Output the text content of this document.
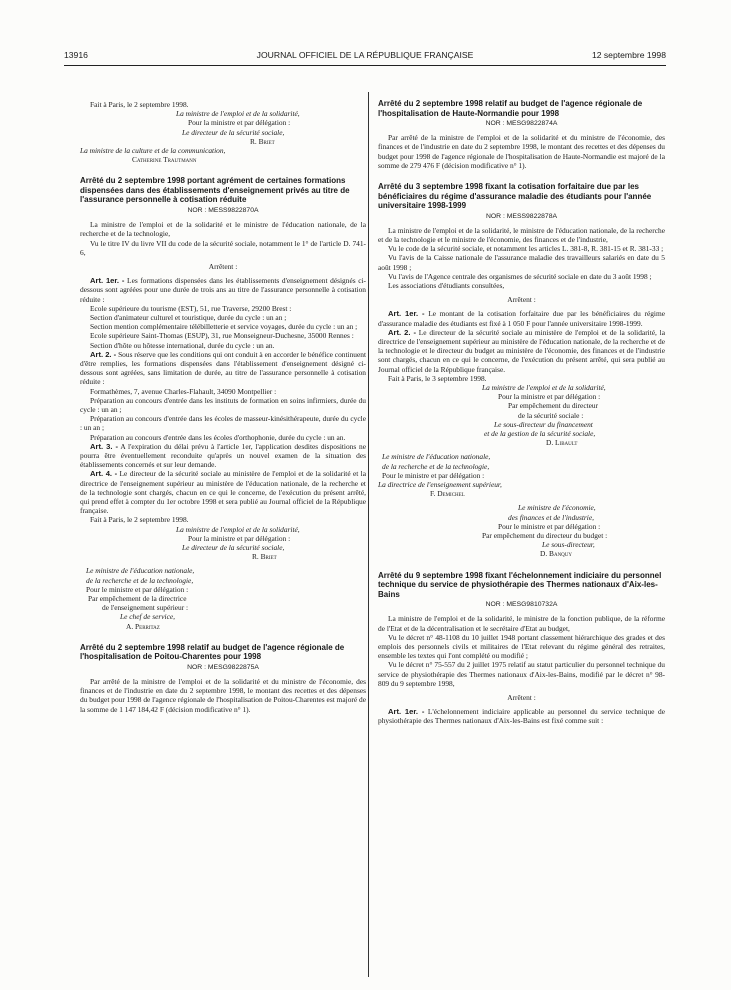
13916	JOURNAL OFFICIEL DE LA RÉPUBLIQUE FRANÇAISE	12 septembre 1998

Fait à Paris, le 2 septembre 1998.

La ministre de l'emploi et de la solidarité,

Pour la ministre et par délégation :

Le directeur de la sécurité sociale,

R. Briet

La ministre de la culture et de la communication,

Catherine Trautmann

Arrêté du 2 septembre 1998 portant agrément de certaines formations dispensées dans des établissements d'enseignement privés au titre de l'assurance personnelle à cotisation réduite
NOR : MESS9822870A

La ministre de l'emploi et de la solidarité et le ministre de l'éducation nationale, de la recherche et de la technologie,

Vu le titre IV du livre VII du code de la sécurité sociale, notamment le 1° de l'article D. 741-6,

Arrêtent :

Art. 1er. - Les formations dispensées dans les établissements d'enseignement désignés ci-dessous sont agréées pour une durée de trois ans au titre de l'assurance personnelle à cotisation réduite :

Ecole supérieure du tourisme (EST), 51, rue Traverse, 29200 Brest :

Section d'animateur culturel et touristique, durée du cycle : un an ;

Section mention complémentaire télébilletterie et service voyages, durée du cycle : un an ;

Ecole supérieure Saint-Thomas (ESUP), 31, rue Monseigneur-Duchesne, 35000 Rennes :

Section d'hôte ou hôtesse international, durée du cycle : un an.

Art. 2. - Sous réserve que les conditions qui ont conduit à en accorder le bénéfice continuent d'être remplies, les formations dispensées dans l'établissement d'enseignement désigné ci-dessous sont agréées, sans limitation de durée, au titre de l'assurance personnelle à cotisation réduite :

Formathèmes, 7, avenue Charles-Flahault, 34090 Montpellier :

Préparation au concours d'entrée dans les instituts de formation en soins infirmiers, durée du cycle : un an ;

Préparation au concours d'entrée dans les écoles de masseur-kinésithérapeute, durée du cycle : un an ;

Préparation au concours d'entrée dans les écoles d'orthophonie, durée du cycle : un an.

Art. 3. - A l'expiration du délai prévu à l'article 1er, l'application desdites dispositions ne pourra être éventuellement reconduite qu'après un nouvel examen de la situation des établissements concernés et sur leur demande.

Art. 4. - Le directeur de la sécurité sociale au ministère de l'emploi et de la solidarité et la directrice de l'enseignement supérieur au ministère de l'éducation nationale, de la recherche et de la technologie sont chargés, chacun en ce qui le concerne, de l'exécution du présent arrêté, qui prend effet à compter du 1er octobre 1998 et sera publié au Journal officiel de la République française.

Fait à Paris, le 2 septembre 1998.

La ministre de l'emploi et de la solidarité,

Pour la ministre et par délégation :

Le directeur de la sécurité sociale,

R. Briet

Le ministre de l'éducation nationale,

de la recherche et de la technologie,

Pour le ministre et par délégation :

Par empêchement de la directrice

de l'enseignement supérieur :

Le chef de service,

A. Perritaz

Arrêté du 2 septembre 1998 relatif au budget de l'agence régionale de l'hospitalisation de Poitou-Charentes pour 1998
NOR : MESG9822875A

Par arrêté de la ministre de l'emploi et de la solidarité et du ministre de l'économie, des finances et de l'industrie en date du 2 septembre 1998, le montant des recettes et des dépenses du budget pour 1998 de l'agence régionale de l'hospitalisation de Poitou-Charentes est majoré de la somme de 1 147 184,42 F (décision modificative n° 1).

Arrêté du 2 septembre 1998 relatif au budget de l'agence régionale de l'hospitalisation de Haute-Normandie pour 1998
NOR : MESG9822874A

Par arrêté de la ministre de l'emploi et de la solidarité et du ministre de l'économie, des finances et de l'industrie en date du 2 septembre 1998, le montant des recettes et des dépenses du budget pour 1998 de l'agence régionale de l'hospitalisation de Haute-Normandie est majoré de la somme de 279 476 F (décision modificative n° 1).

Arrêté du 3 septembre 1998 fixant la cotisation forfaitaire due par les bénéficiaires du régime d'assurance maladie des étudiants pour l'année universitaire 1998-1999
NOR : MESS9822878A

La ministre de l'emploi et de la solidarité, le ministre de l'éducation nationale, de la recherche et de la technologie et le ministre de l'économie, des finances et de l'industrie,

Vu le code de la sécurité sociale, et notamment les articles L. 381-8, R. 381-15 et R. 381-33 ;

Vu l'avis de la Caisse nationale de l'assurance maladie des travailleurs salariés en date du 5 août 1998 ;

Vu l'avis de l'Agence centrale des organismes de sécurité sociale en date du 3 août 1998 ;

Les associations d'étudiants consultées,

Arrêtent :

Art. 1er. - Le montant de la cotisation forfaitaire due par les bénéficiaires du régime d'assurance maladie des étudiants est fixé à 1 050 F pour l'année universitaire 1998-1999.

Art. 2. - Le directeur de la sécurité sociale au ministère de l'emploi et de la solidarité, la directrice de l'enseignement supérieur au ministère de l'éducation nationale, de la recherche et de la technologie et le directeur du budget au ministère de l'économie, des finances et de l'industrie sont chargés, chacun en ce qui le concerne, de l'exécution du présent arrêté, qui sera publié au Journal officiel de la République française.

Fait à Paris, le 3 septembre 1998.

La ministre de l'emploi et de la solidarité,

Pour la ministre et par délégation :

Par empêchement du directeur

de la sécurité sociale :

Le sous-directeur du financement

et de la gestion de la sécurité sociale,

D. Libault

Le ministre de l'éducation nationale,

de la recherche et de la technologie,

Pour le ministre et par délégation :

La directrice de l'enseignement supérieur,

F. Demichel

Le ministre de l'économie,

des finances et de l'industrie,

Pour le ministre et par délégation :

Par empêchement du directeur du budget :

Le sous-directeur,

D. Banquy

Arrêté du 9 septembre 1998 fixant l'échelonnement indiciaire du personnel technique du service de physiothérapie des Thermes nationaux d'Aix-les-Bains
NOR : MESG9810732A

La ministre de l'emploi et de la solidarité, le ministre de la fonction publique, de la réforme de l'Etat et de la décentralisation et le secrétaire d'Etat au budget,

Vu le décret n° 48-1108 du 10 juillet 1948 portant classement hiérarchique des grades et des emplois des personnels civils et militaires de l'Etat relevant du régime général des retraites, ensemble les textes qui l'ont complété ou modifié ;

Vu le décret n° 75-557 du 2 juillet 1975 relatif au statut particulier du personnel technique du service de physiothérapie des Thermes nationaux d'Aix-les-Bains, modifié par le décret n° 98-809 du 9 septembre 1998,

Arrêtent :

Art. 1er. - L'échelonnement indiciaire applicable au personnel du service technique de physiothérapie des Thermes nationaux d'Aix-les-Bains est fixé comme suit :
